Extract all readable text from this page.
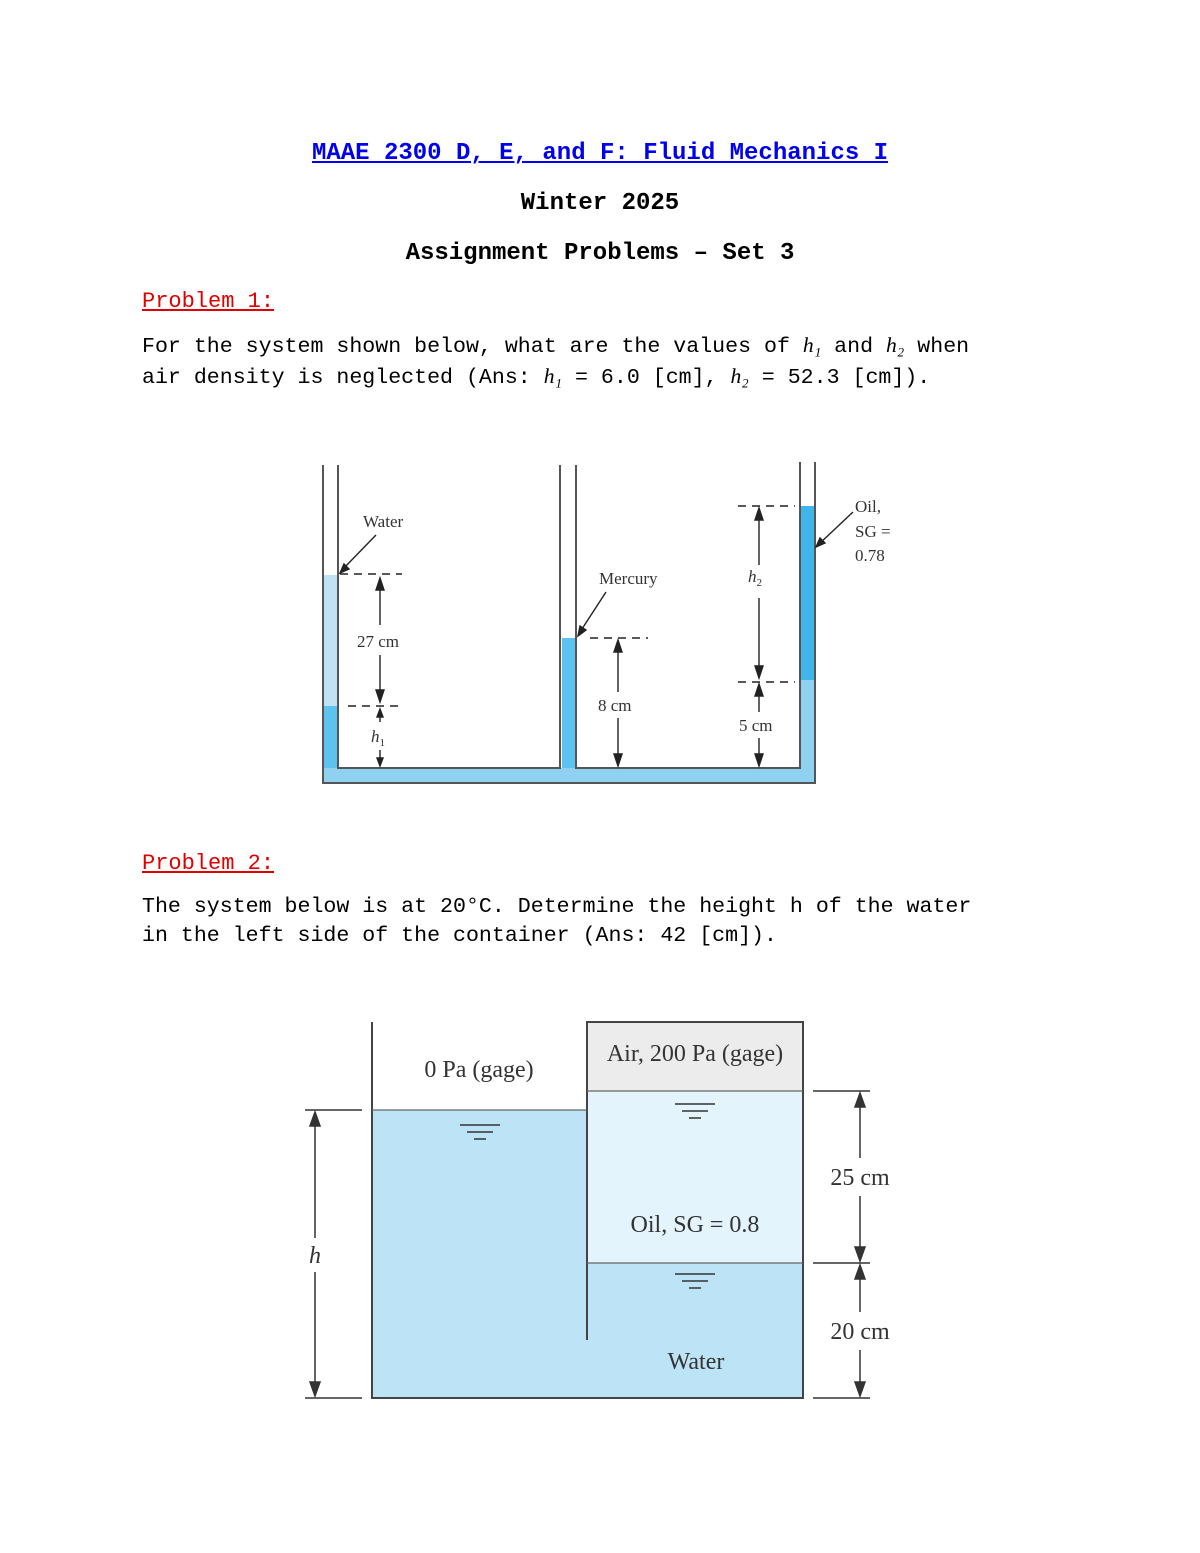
MAAE 2300 D, E, and F: Fluid Mechanics I
Winter 2025
Assignment Problems – Set 3
Problem 1:
For the system shown below, what are the values of h₁ and h₂ when
air density is neglected (Ans: h₁ = 6.0 [cm], h₂ = 52.3 [cm]).
Water
Mercury
Oil,
SG =
0.78
27 cm
8 cm
5 cm
$h_1$
$h_2$
Problem 2:
The system below is at 20°C. Determine the height h of the water
in the left side of the container (Ans: 42 [cm]).
0 Pa (gage)
Air, 200 Pa (gage)
Oil, SG = 0.8
Water
25 cm
20 cm
h
